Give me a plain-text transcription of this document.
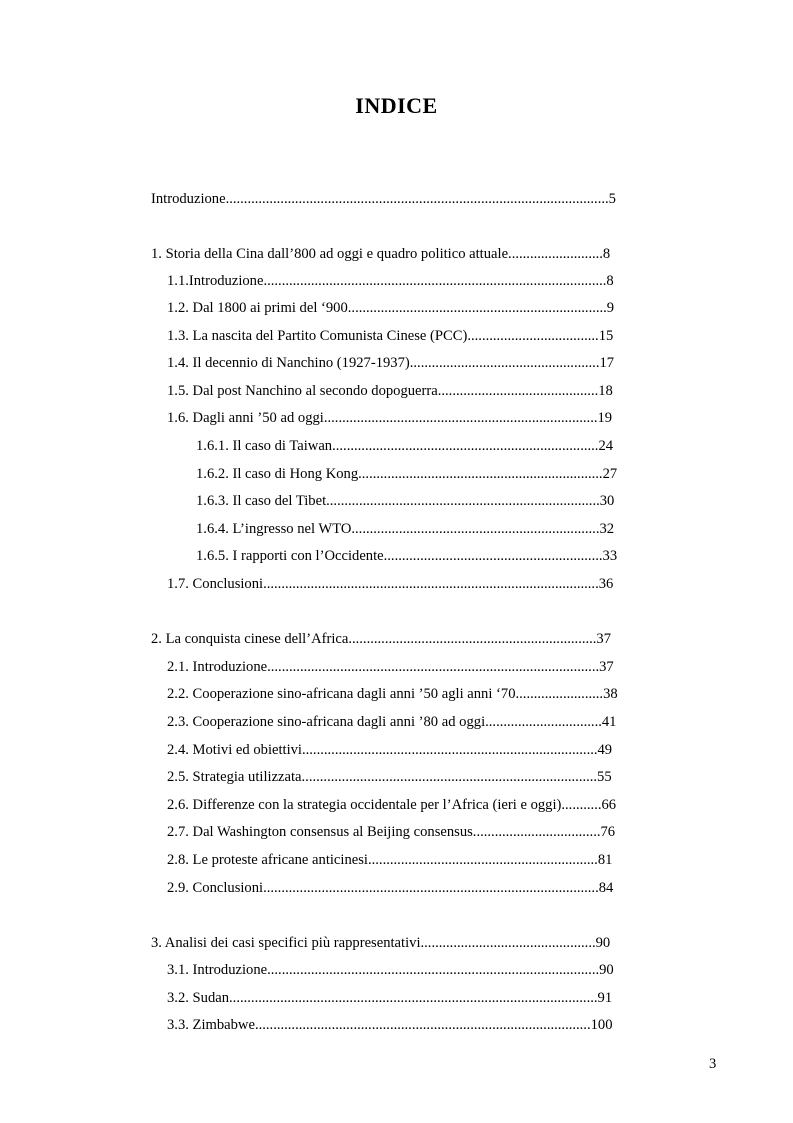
INDICE
Introduzione.........................................................................................................5
1. Storia della Cina dall’800 ad oggi e quadro politico attuale..........................8
1.1.Introduzione..............................................................................................8
1.2. Dal 1800 ai primi del ‘900.......................................................................9
1.3. La nascita del Partito Comunista Cinese (PCC)....................................15
1.4. Il decennio di Nanchino (1927-1937)....................................................17
1.5. Dal post Nanchino al secondo dopoguerra............................................18
1.6. Dagli anni ’50 ad oggi...........................................................................19
1.6.1. Il caso di Taiwan.........................................................................24
1.6.2. Il caso di Hong Kong...................................................................27
1.6.3. Il caso del Tibet...........................................................................30
1.6.4. L’ingresso nel WTO....................................................................32
1.6.5. I rapporti con l’Occidente............................................................33
1.7. Conclusioni............................................................................................36
2. La conquista cinese dell’Africa....................................................................37
2.1. Introduzione...........................................................................................37
2.2. Cooperazione sino-africana dagli anni ’50 agli anni ‘70........................38
2.3. Cooperazione sino-africana dagli anni ’80 ad oggi................................41
2.4. Motivi ed obiettivi.................................................................................49
2.5. Strategia utilizzata.................................................................................55
2.6. Differenze con la strategia occidentale per l’Africa (ieri e oggi)...........66
2.7. Dal Washington consensus al Beijing consensus...................................76
2.8. Le proteste africane anticinesi...............................................................81
2.9. Conclusioni............................................................................................84
3. Analisi dei casi specifici più rappresentativi................................................90
3.1. Introduzione...........................................................................................90
3.2. Sudan.....................................................................................................91
3.3. Zimbabwe............................................................................................100
3
